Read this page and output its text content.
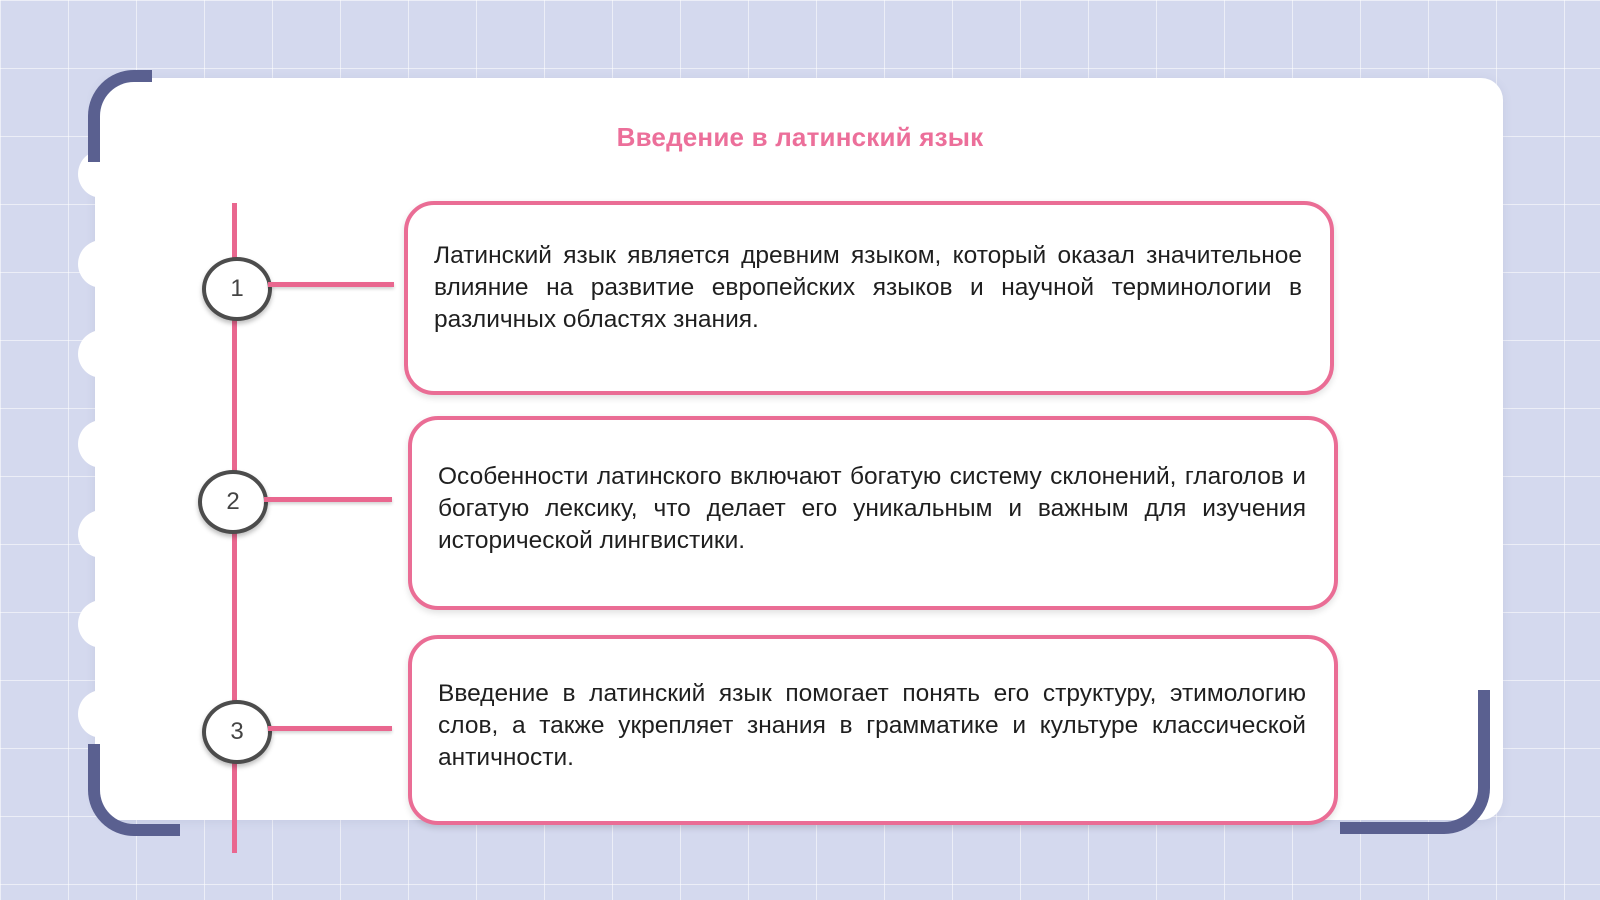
Введение в латинский язык
1
Латинский язык является древним языком, который оказал значительное влияние на развитие европейских языков и научной терминологии в различных областях знания.
2
Особенности латинского включают богатую систему склонений, глаголов и богатую лексику, что делает его уникальным и важным для изучения исторической лингвистики.
3
Введение в латинский язык помогает понять его структуру, этимологию слов, а также укрепляет знания в грамматике и культуре классической античности.
